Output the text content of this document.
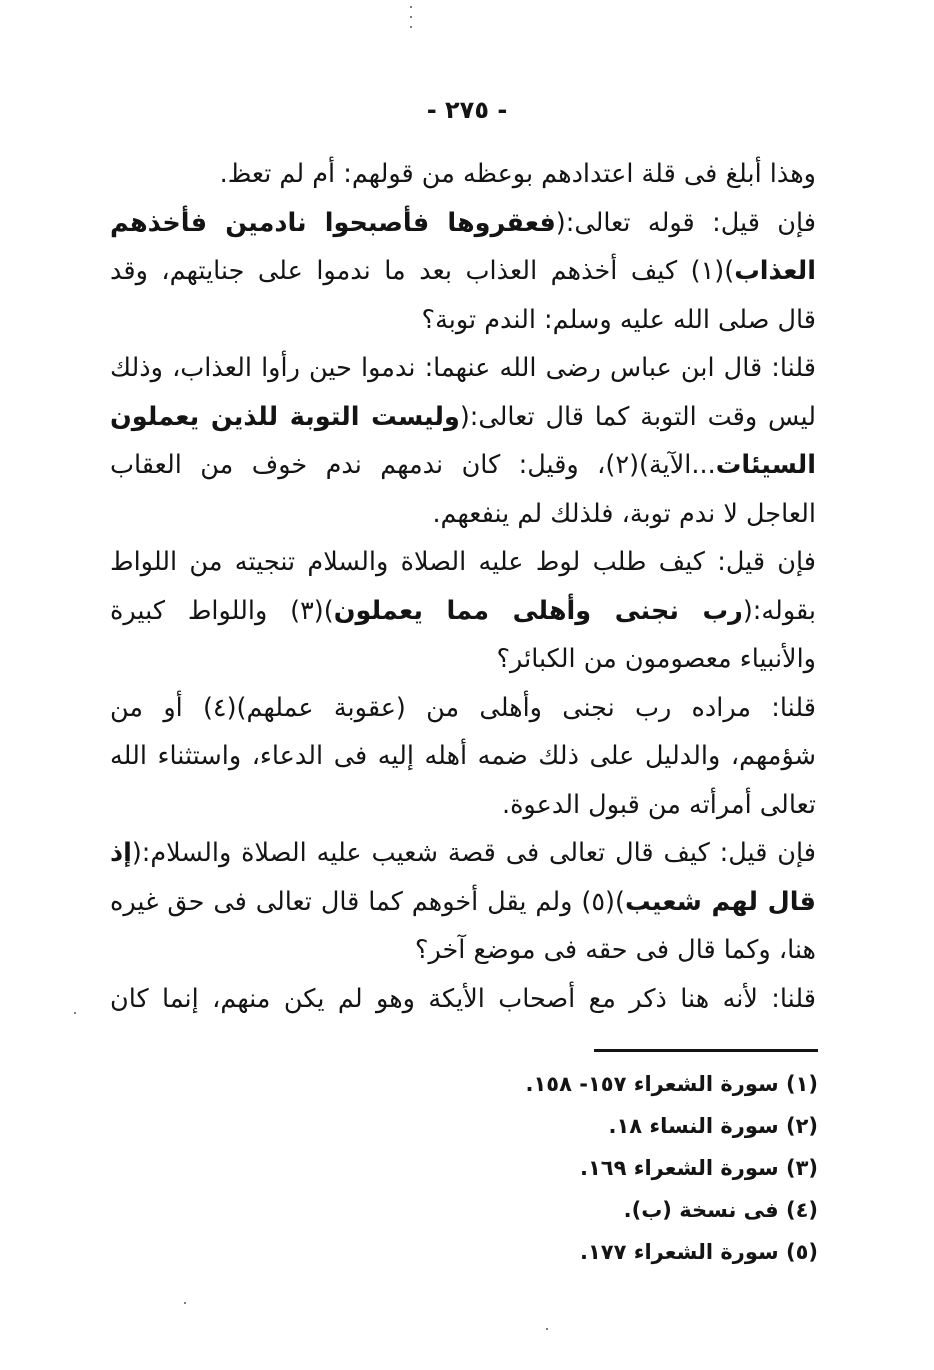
- ٢٧٥ -
وهذا أبلغ فى قلة اعتدادهم بوعظه من قولهم: أم لم تعظ.
فإن قيل: قوله تعالى:(فعقروها فأصبحوا نادمين فأخذهم
العذاب)(١) كيف أخذهم العذاب بعد ما ندموا على جنايتهم، وقد
قال صلى الله عليه وسلم: الندم توبة؟
قلنا: قال ابن عباس رضى الله عنهما: ندموا حين رأوا العذاب، وذلك
ليس وقت التوبة كما قال تعالى:(وليست التوبة للذين يعملون
السيئات...الآية)(٢)، وقيل: كان ندمهم ندم خوف من العقاب
العاجل لا ندم توبة، فلذلك لم ينفعهم.
فإن قيل: كيف طلب لوط عليه الصلاة والسلام تنجيته من اللواط
بقوله:(رب نجنى وأهلى مما يعملون)(٣) واللواط كبيرة
والأنبياء معصومون من الكبائر؟
قلنا: مراده رب نجنى وأهلى من (عقوبة عملهم)(٤) أو من
شؤمهم، والدليل على ذلك ضمه أهله إليه فى الدعاء، واستثناء الله
تعالى أمرأته من قبول الدعوة.
فإن قيل: كيف قال تعالى فى قصة شعيب عليه الصلاة والسلام:(إذ
قال لهم شعيب)(٥) ولم يقل أخوهم كما قال تعالى فى حق غيره
هنا، وكما قال فى حقه فى موضع آخر؟
قلنا: لأنه هنا ذكر مع أصحاب الأيكة وهو لم يكن منهم، إنما كان
(١) سورة الشعراء ١٥٧- ١٥٨.
(٢) سورة النساء ١٨.
(٣) سورة الشعراء ١٦٩.
(٤) فى نسخة (ب).
(٥) سورة الشعراء ١٧٧.
